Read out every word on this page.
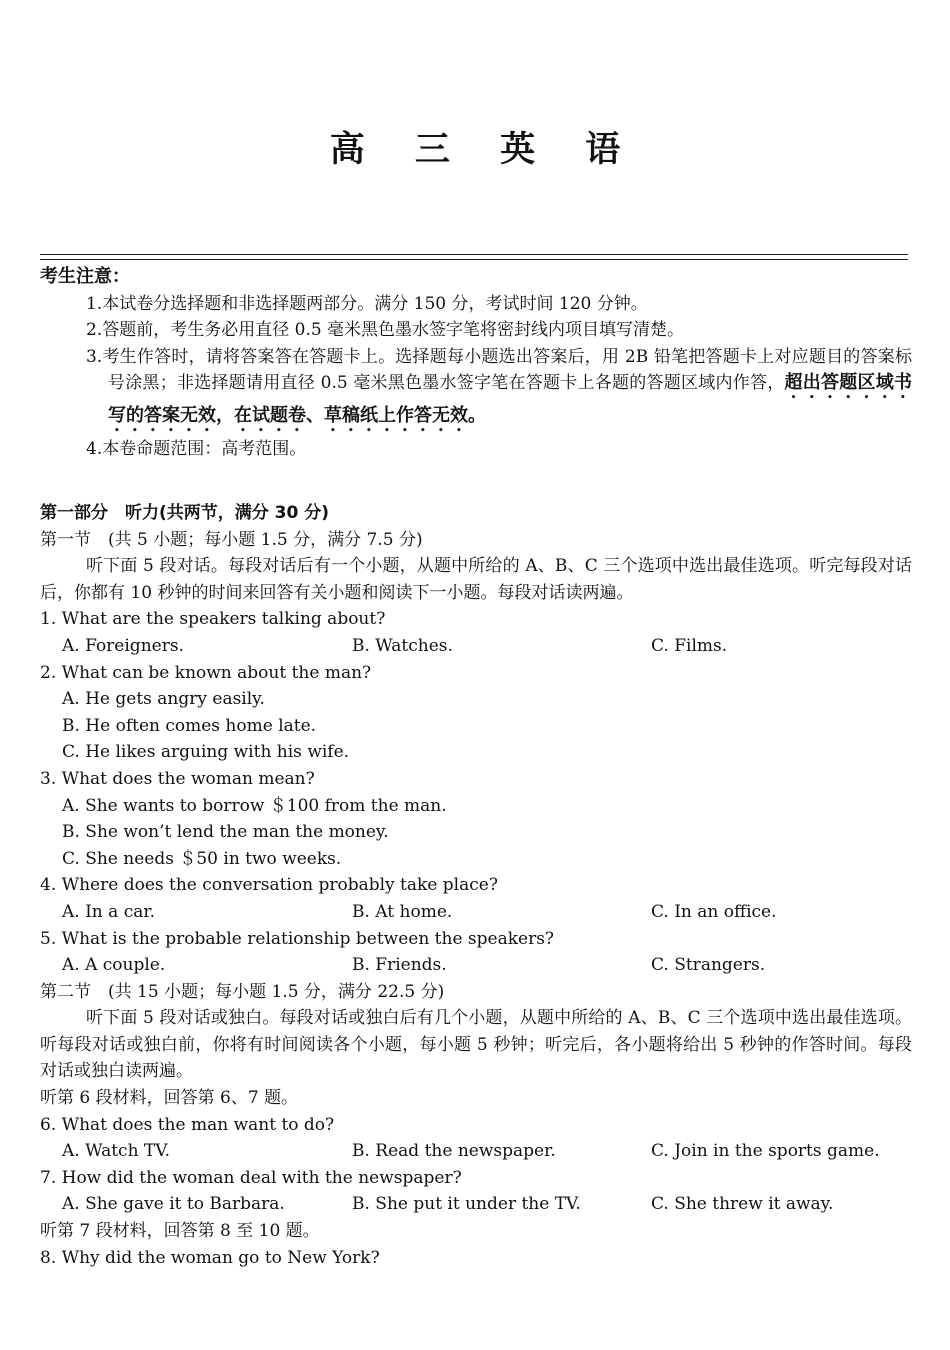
高 三 英 语
考生注意：
1.本试卷分选择题和非选择题两部分。满分 150 分，考试时间 120 分钟。
2.答题前，考生务必用直径 0.5 毫米黑色墨水签字笔将密封线内项目填写清楚。
3.考生作答时，请将答案答在答题卡上。选择题每小题选出答案后，用 2B 铅笔把答题卡上对应题目的答案标号涂黑；非选择题请用直径 0.5 毫米黑色墨水签字笔在答题卡上各题的答题区域内作答，超出答题区域书写的答案无效，在试题卷、草稿纸上作答无效。
4.本卷命题范围：高考范围。
第一部分　听力(共两节，满分 30 分)
第一节　(共 5 小题；每小题 1.5 分，满分 7.5 分)
听下面 5 段对话。每段对话后有一个小题，从题中所给的 A、B、C 三个选项中选出最佳选项。听完每段对话后，你都有 10 秒钟的时间来回答有关小题和阅读下一小题。每段对话读两遍。
1. What are the speakers talking about?
A. Foreigners.	B. Watches.	C. Films.
2. What can be known about the man?
A. He gets angry easily.
B. He often comes home late.
C. He likes arguing with his wife.
3. What does the woman mean?
A. She wants to borrow ＄100 from the man.
B. She won’t lend the man the money.
C. She needs ＄50 in two weeks.
4. Where does the conversation probably take place?
A. In a car.	B. At home.	C. In an office.
5. What is the probable relationship between the speakers?
A. A couple.	B. Friends.	C. Strangers.
第二节　(共 15 小题；每小题 1.5 分，满分 22.5 分)
听下面 5 段对话或独白。每段对话或独白后有几个小题，从题中所给的 A、B、C 三个选项中选出最佳选项。听每段对话或独白前，你将有时间阅读各个小题，每小题 5 秒钟；听完后，各小题将给出 5 秒钟的作答时间。每段对话或独白读两遍。
听第 6 段材料，回答第 6、7 题。
6. What does the man want to do?
A. Watch TV.	B. Read the newspaper.	C. Join in the sports game.
7. How did the woman deal with the newspaper?
A. She gave it to Barbara.	B. She put it under the TV.	C. She threw it away.
听第 7 段材料，回答第 8 至 10 题。
8. Why did the woman go to New York?
